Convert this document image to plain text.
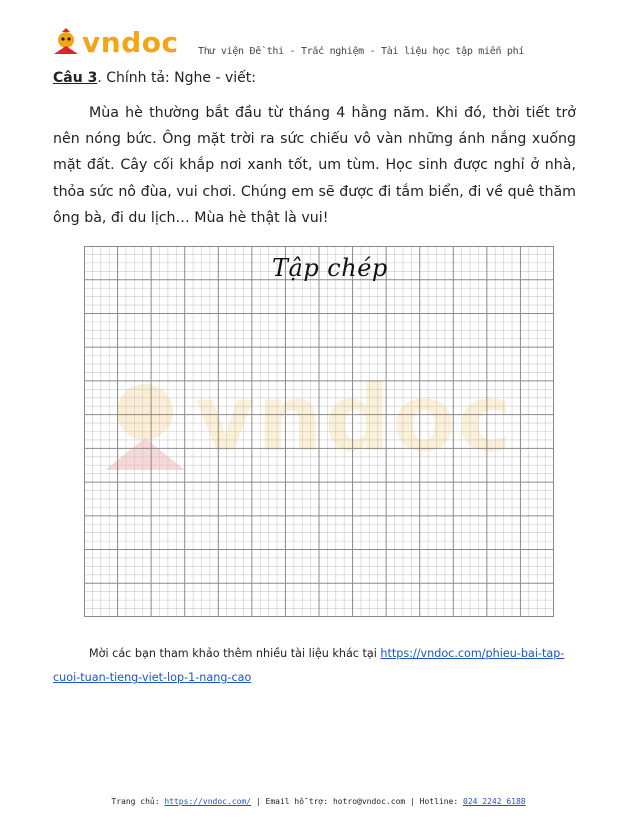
vndoc Thư viện Đề thi - Trắc nghiệm - Tài liệu học tập miễn phí
Câu 3. Chính tả: Nghe - viết:

Mùa hè thường bắt đầu từ tháng 4 hằng năm. Khi đó, thời tiết trở nên nóng bức. Ông mặt trời ra sức chiếu vô vàn những ánh nắng xuống mặt đất. Cây cối khắp nơi xanh tốt, um tùm. Học sinh được nghỉ ở nhà, thỏa sức nô đùa, vui chơi. Chúng em sẽ được đi tắm biển, đi về quê thăm ông bà, đi du lịch… Mùa hè thật là vui!

vndoc
Tập chép

Mời các bạn tham khảo thêm nhiều tài liệu khác tại https://vndoc.com/phieu-bai-tap-cuoi-tuan-tieng-viet-lop-1-nang-cao

Trang chủ: https://vndoc.com/ | Email hỗ trợ: hotro@vndoc.com | Hotline: 024 2242 6188
